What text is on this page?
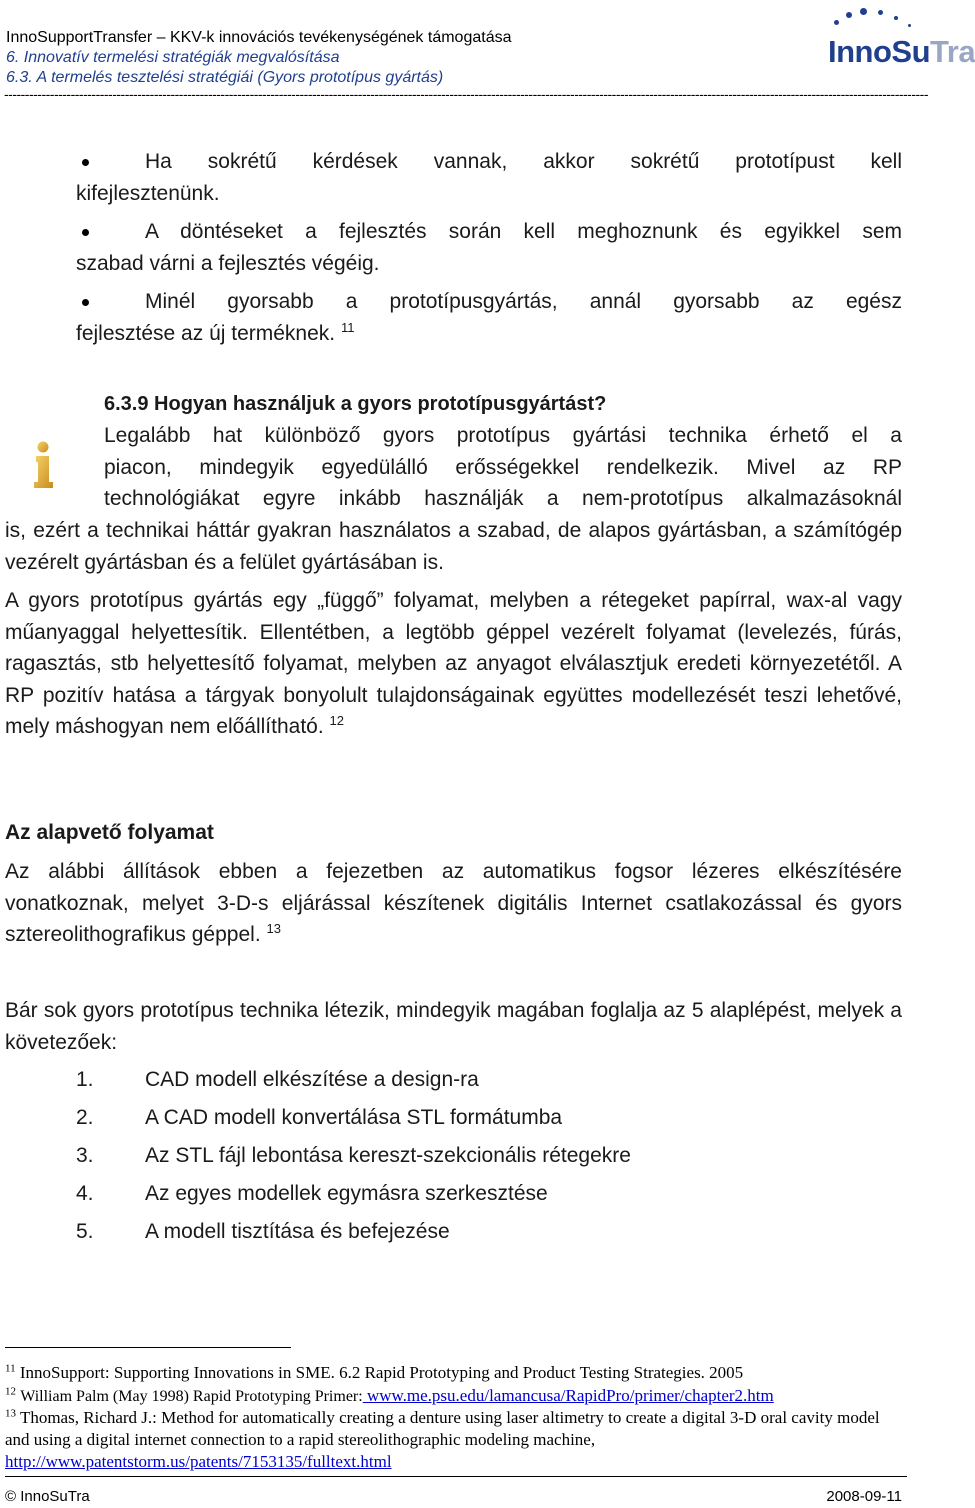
InnoSupportTransfer – KKV-k innovációs tevékenységének támogatása
6. Innovatív termelési stratégiák megvalósítása
6.3. A termelés tesztelési stratégiái (Gyors prototípus gyártás)
------------------------------------------------------------------------------------------------------------------------------------------------------------------------------------------------------------------------------
InnoSuTra
Ha sokrétű kérdések vannak, akkor sokrétű prototípust kell
kifejlesztenünk.
A döntéseket a fejlesztés során kell meghoznunk és egyikkel sem
szabad várni a fejlesztés végéig.
Minél gyorsabb a prototípusgyártás, annál gyorsabb az egész
fejlesztése az új terméknek. $^{11}$
6.3.9 Hogyan használjuk a gyors prototípusgyártást?
Legalább hat különböző gyors prototípus gyártási technika érhető el a
piacon, mindegyik egyedülálló erősségekkel rendelkezik. Mivel az RP
technológiákat egyre inkább használják a nem-prototípus alkalmazásoknál
is, ezért a technikai háttár gyakran használatos a szabad, de alapos gyártásban, a számítógép vezérelt gyártásban és a felület gyártásában is.
A gyors prototípus gyártás egy „függő” folyamat, melyben a rétegeket papírral, wax-al vagy műanyaggal helyettesítik. Ellentétben, a legtöbb géppel vezérelt folyamat (levelezés, fúrás, ragasztás, stb helyettesítő folyamat, melyben az anyagot elválasztjuk eredeti környezetétől. A RP pozitív hatása a tárgyak bonyolult tulajdonságainak együttes modellezését teszi lehetővé, mely máshogyan nem előállítható. $^{12}$
Az alapvető folyamat
Az alábbi állítások ebben a fejezetben az automatikus fogsor lézeres elkészítésére vonatkoznak, melyet 3-D-s eljárással készítenek digitális Internet csatlakozással és gyors sztereolithografikus géppel. $^{13}$
Bár sok gyors prototípus technika létezik, mindegyik magában foglalja az 5 alaplépést, melyek a követezőek:
1. CAD modell elkészítése a design-ra
2. A CAD modell konvertálása STL formátumba
3. Az STL fájl lebontása kereszt-szekcionális rétegekre
4. Az egyes modellek egymásra szerkesztése
5. A modell tisztítása és befejezése
$^{11}$ InnoSupport: Supporting Innovations in SME. 6.2 Rapid Prototyping and Product Testing Strategies. 2005
$^{12}$ William Palm (May 1998) Rapid Prototyping Primer: www.me.psu.edu/lamancusa/RapidPro/primer/chapter2.htm
$^{13}$ Thomas, Richard J.: Method for automatically creating a denture using laser altimetry to create a digital 3-D oral cavity model and using a digital internet connection to a rapid stereolithographic modeling machine,
http://www.patentstorm.us/patents/7153135/fulltext.html
© InnoSuTra	2008-09-11
